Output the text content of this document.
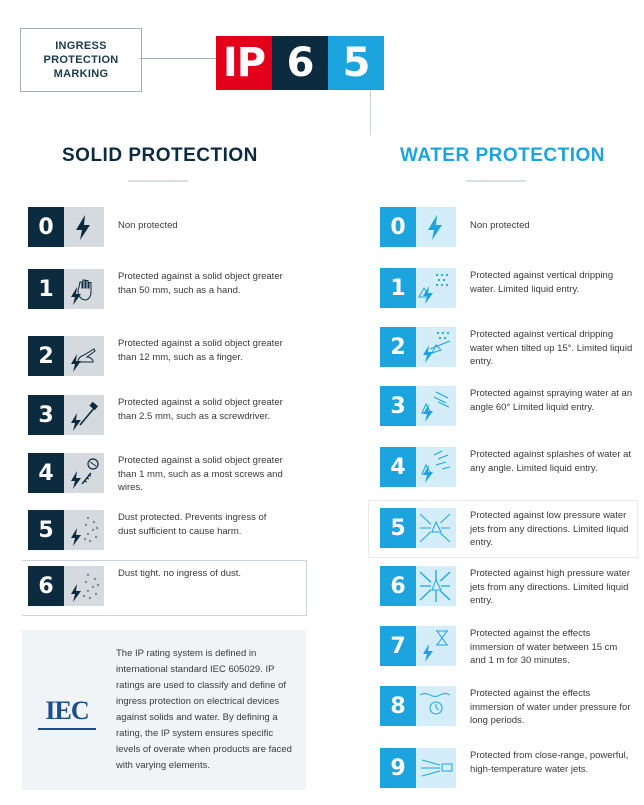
INGRESS
PROTECTION
MARKING	IP 6 5
SOLID PROTECTION	WATER PROTECTION
0	Non protected
1	Protected against a solid object greater than 50 mm, such as a hand.
2	Protected against a solid object greater than 12 mm, such as a finger.
3	Protected against a solid object greater than 2.5 mm, such as a screwdriver.
4	Protected against a solid object greater than 1 mm, such as a most screws and wires.
5	Dust protected. Prevents ingress of dust sufficient to cause harm.
6	Dust tight. no ingress of dust.
0	Non protected
1	Protected against vertical dripping water. Limited liquid entry.
2	Protected against vertical dripping water when tilted up 15°. Limited liquid entry.
3	Protected against spraying water at an angle 60° Limited liquid entry.
4	Protected against splashes of water at any angle. Limited liquid entry.
5	Protected against low pressure water jets from any directions. Limited liquid entry.
6	Protected against high pressure water jets from any directions. Limited liquid entry.
7	Protected against the effects immersion of water between 15 cm and 1 m for 30 minutes.
8	Protected against the effects immersion of water under pressure for long periods.
9	Protected from close-range, powerful, high-temperature water jets.
IEC
The IP rating system is defined in international standard IEC 605029. IP ratings are used to classify and define of ingress protection on electrical devices against solids and water. By defining a rating, the IP system ensures specific levels of overate when products are faced with varying elements.
